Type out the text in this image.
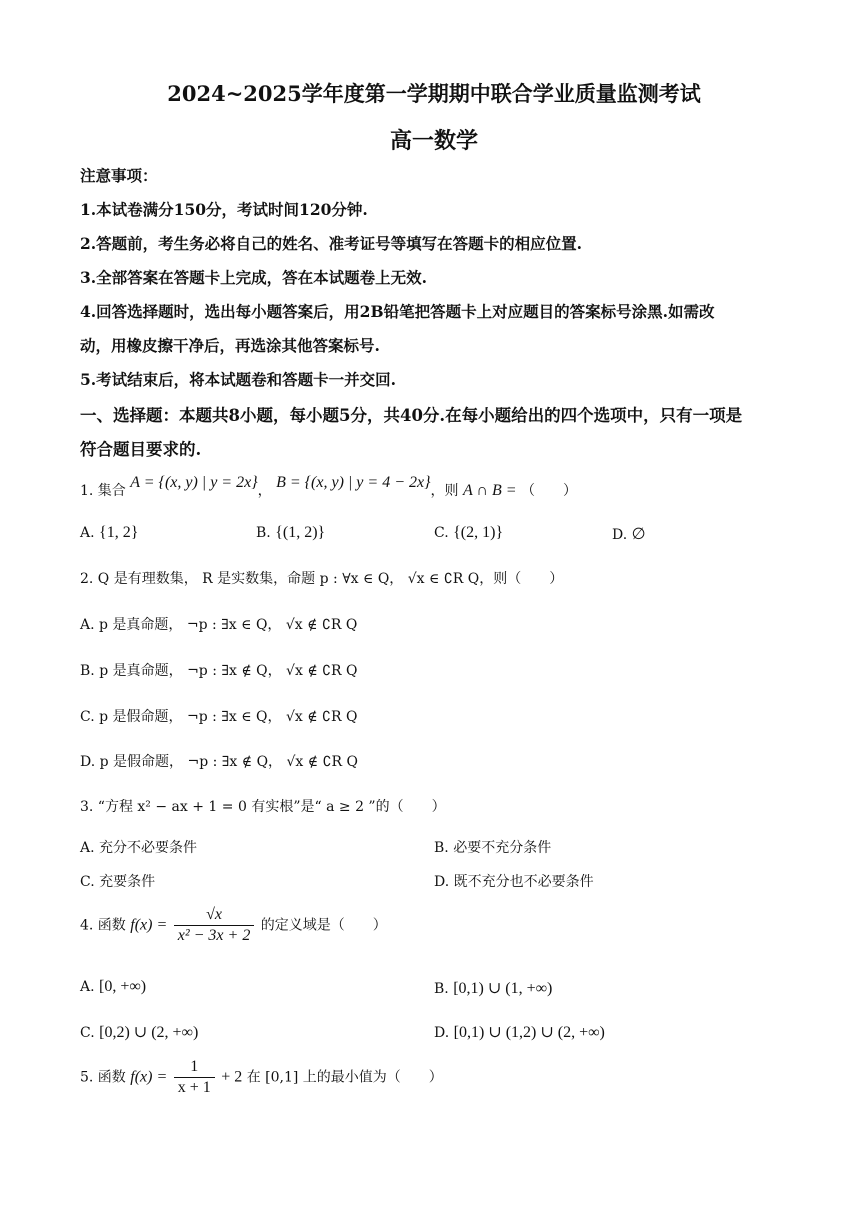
2024~2025学年度第一学期期中联合学业质量监测考试
高一数学
注意事项：
1.本试卷满分150分，考试时间120分钟.
2.答题前，考生务必将自己的姓名、准考证号等填写在答题卡的相应位置.
3.全部答案在答题卡上完成，答在本试题卷上无效.
4.回答选择题时，选出每小题答案后，用2B铅笔把答题卡上对应题目的答案标号涂黑.如需改
动，用橡皮擦干净后，再选涂其他答案标号.
5.考试结束后，将本试题卷和答题卡一并交回.
一、选择题：本题共8小题，每小题5分，共40分.在每小题给出的四个选项中，只有一项是
符合题目要求的.
1. 集合 A = {(x, y) | y = 2x}， B = {(x, y) | y = 4 − 2x}，则 A ∩ B = （　　）
A. {1, 2}	B. {(1, 2)}	C. {(2, 1)}	D. ∅
2. Q 是有理数集， R 是实数集，命题 p : ∀x ∈ Q， √x ∈ ∁R Q，则（　　）
A. p 是真命题， ¬p : ∃x ∈ Q， √x ∉ ∁R Q
B. p 是真命题， ¬p : ∃x ∉ Q， √x ∉ ∁R Q
C. p 是假命题， ¬p : ∃x ∈ Q， √x ∉ ∁R Q
D. p 是假命题， ¬p : ∃x ∉ Q， √x ∉ ∁R Q
3. “方程 x² − ax + 1 = 0 有实根”是“ a ≥ 2 ”的（　　）
A. 充分不必要条件	B. 必要不充分条件
C. 充要条件	D. 既不充分也不必要条件
4. 函数 $f(x) = \frac{√x}{\text{x² − 3x + 2}}$ 的定义域是（　　）
A. [0, +∞)	B. [0,1) ∪ (1, +∞)
C. [0,2) ∪ (2, +∞)	D. [0,1) ∪ (1,2) ∪ (2, +∞)
5. 函数 $f(x) = \frac{1}{x + 1} + 2$ 在 [0,1] 上的最小值为（　　）
